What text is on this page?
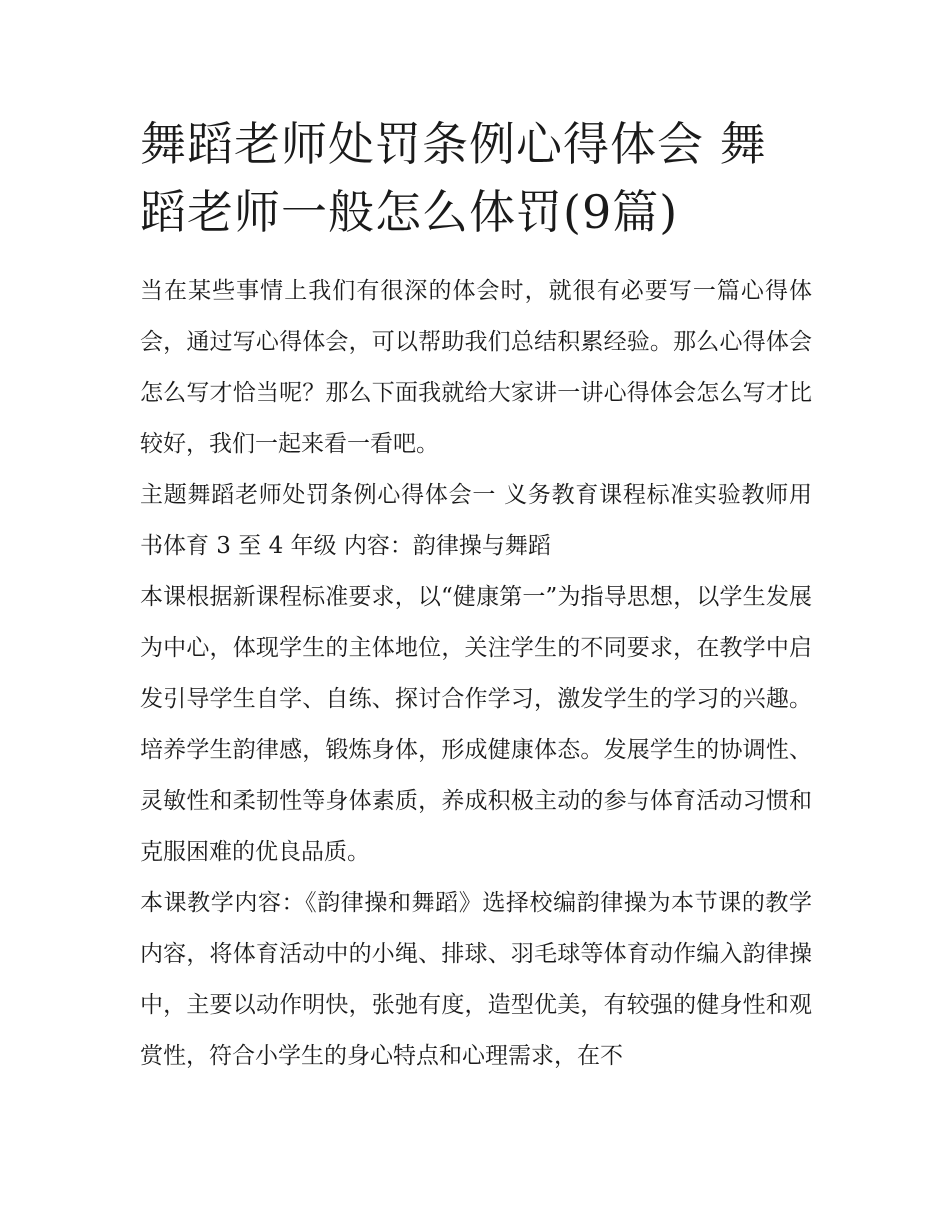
舞蹈老师处罚条例心得体会 舞蹈老师一般怎么体罚(9篇)

当在某些事情上我们有很深的体会时，就很有必要写一篇心得体会，通过写心得体会，可以帮助我们总结积累经验。那么心得体会怎么写才恰当呢？那么下面我就给大家讲一讲心得体会怎么写才比较好，我们一起来看一看吧。

主题舞蹈老师处罚条例心得体会一 义务教育课程标准实验教师用书体育 3 至 4 年级 内容：韵律操与舞蹈

本课根据新课程标准要求，以“健康第一”为指导思想，以学生发展为中心，体现学生的主体地位，关注学生的不同要求，在教学中启发引导学生自学、自练、探讨合作学习，激发学生的学习的兴趣。培养学生韵律感，锻炼身体，形成健康体态。发展学生的协调性、灵敏性和柔韧性等身体素质，养成积极主动的参与体育活动习惯和克服困难的优良品质。

本课教学内容：《韵律操和舞蹈》选择校编韵律操为本节课的教学内容，将体育活动中的小绳、排球、羽毛球等体育动作编入韵律操中，主要以动作明快，张弛有度，造型优美，有较强的健身性和观赏性，符合小学生的身心特点和心理需求，在不
